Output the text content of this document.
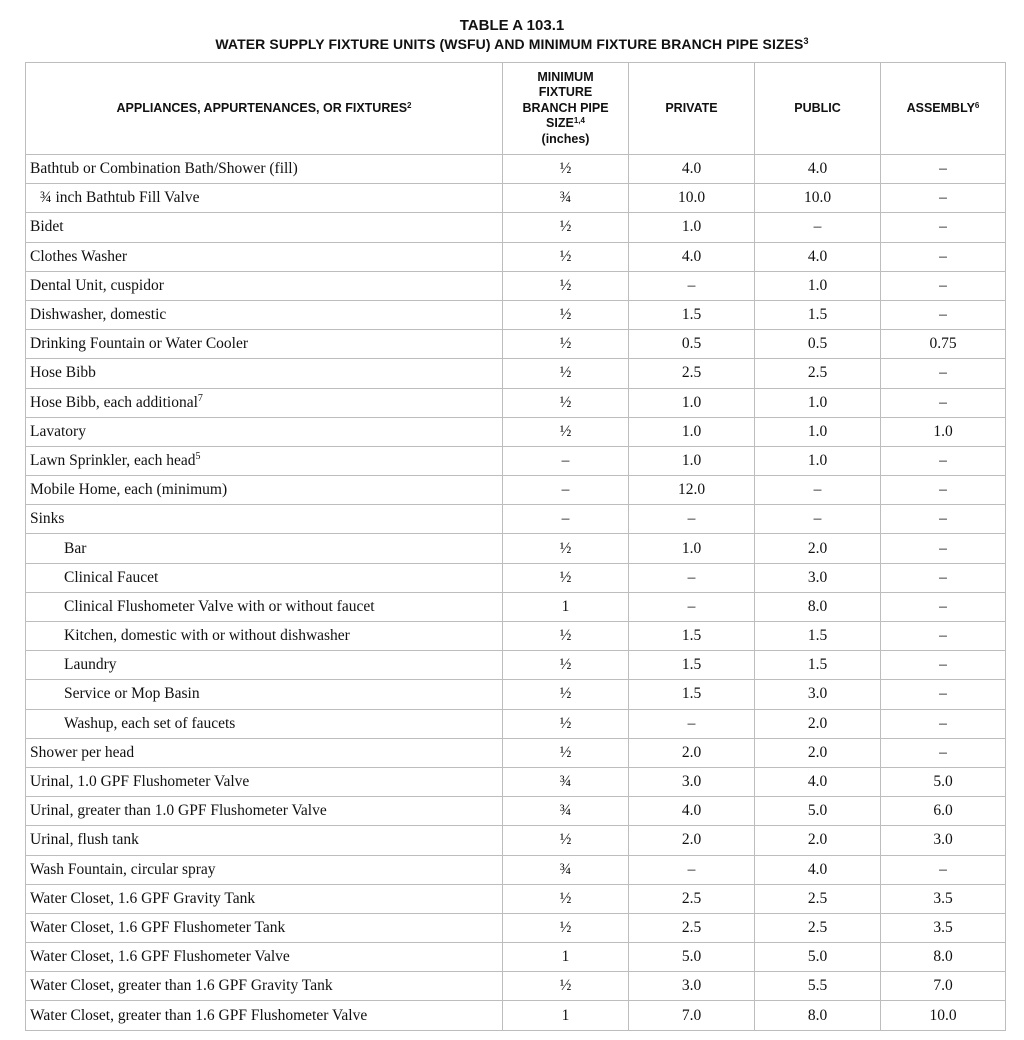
TABLE A 103.1
WATER SUPPLY FIXTURE UNITS (WSFU) AND MINIMUM FIXTURE BRANCH PIPE SIZES$^3$
APPLIANCES, APPURTENANCES, OR FIXTURES$^2$	MINIMUM
FIXTURE
BRANCH PIPE
SIZE$^{1,4}$
(inches)	PRIVATE	PUBLIC	ASSEMBLY$^6$
Bathtub or Combination Bath/Shower (fill)	½	4.0	4.0	–
¾ inch Bathtub Fill Valve	¾	10.0	10.0	–
Bidet	½	1.0	–	–
Clothes Washer	½	4.0	4.0	–
Dental Unit, cuspidor	½	–	1.0	–
Dishwasher, domestic	½	1.5	1.5	–
Drinking Fountain or Water Cooler	½	0.5	0.5	0.75
Hose Bibb	½	2.5	2.5	–
Hose Bibb, each additional$^7$	½	1.0	1.0	–
Lavatory	½	1.0	1.0	1.0
Lawn Sprinkler, each head$^5$	–	1.0	1.0	–
Mobile Home, each (minimum)	–	12.0	–	–
Sinks	–	–	–	–
Bar	½	1.0	2.0	–
Clinical Faucet	½	–	3.0	–
Clinical Flushometer Valve with or without faucet	1	–	8.0	–
Kitchen, domestic with or without dishwasher	½	1.5	1.5	–
Laundry	½	1.5	1.5	–
Service or Mop Basin	½	1.5	3.0	–
Washup, each set of faucets	½	–	2.0	–
Shower per head	½	2.0	2.0	–
Urinal, 1.0 GPF Flushometer Valve	¾	3.0	4.0	5.0
Urinal, greater than 1.0 GPF Flushometer Valve	¾	4.0	5.0	6.0
Urinal, flush tank	½	2.0	2.0	3.0
Wash Fountain, circular spray	¾	–	4.0	–
Water Closet, 1.6 GPF Gravity Tank	½	2.5	2.5	3.5
Water Closet, 1.6 GPF Flushometer Tank	½	2.5	2.5	3.5
Water Closet, 1.6 GPF Flushometer Valve	1	5.0	5.0	8.0
Water Closet, greater than 1.6 GPF Gravity Tank	½	3.0	5.5	7.0
Water Closet, greater than 1.6 GPF Flushometer Valve	1	7.0	8.0	10.0
